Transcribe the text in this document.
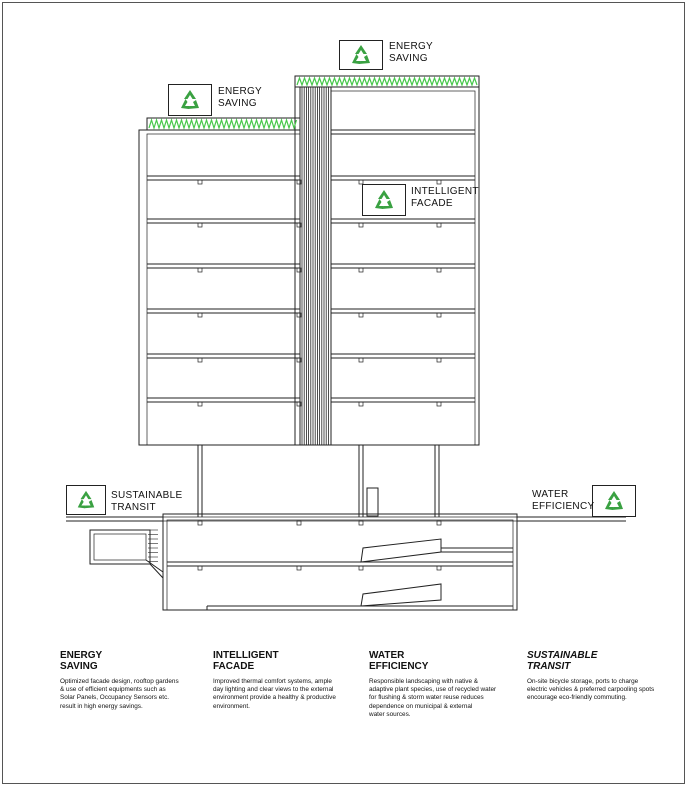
ENERGY
SAVING
ENERGY
SAVING
INTELLIGENT
FACADE
SUSTAINABLE
TRANSIT
WATER
EFFICIENCY
ENERGY
SAVING
Optimized facade design, rooftop gardens
& use of efficient equipments such as
Solar Panels, Occupancy Sensors etc.
result in high energy savings.
INTELLIGENT
FACADE
Improved thermal comfort systems, ample
day lighting and clear views to the external
environment provide a healthy & productive
environment.
WATER
EFFICIENCY
Responsible landscaping with native &
adaptive plant species, use of recycled water
for flushing & storm water reuse reduces
dependence on municipal & external
water sources.
SUSTAINABLE
TRANSIT
On-site bicycle storage, ports to charge
electric vehicles & preferred carpooling spots
encourage eco-friendly commuting.
